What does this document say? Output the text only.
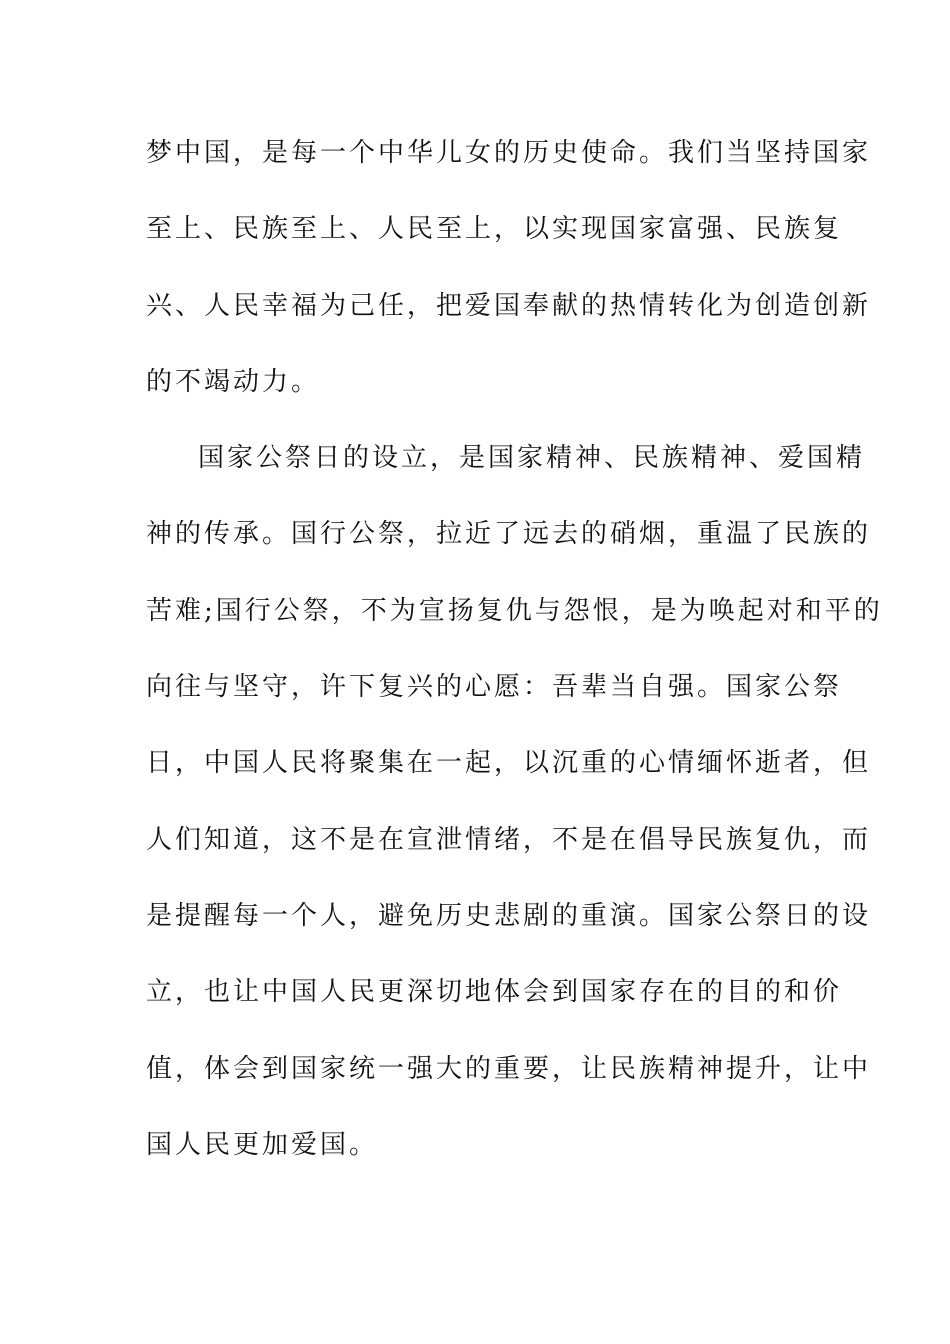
梦中国，是每一个中华儿女的历史使命。我们当坚持国家
至上、民族至上、人民至上，以实现国家富强、民族复
兴、人民幸福为己任，把爱国奉献的热情转化为创造创新
的不竭动力。
国家公祭日的设立，是国家精神、民族精神、爱国精
神的传承。国行公祭，拉近了远去的硝烟，重温了民族的
苦难;国行公祭，不为宣扬复仇与怨恨，是为唤起对和平的
向往与坚守，许下复兴的心愿：吾辈当自强。国家公祭
日，中国人民将聚集在一起，以沉重的心情缅怀逝者，但
人们知道，这不是在宣泄情绪，不是在倡导民族复仇，而
是提醒每一个人，避免历史悲剧的重演。国家公祭日的设
立，也让中国人民更深切地体会到国家存在的目的和价
值，体会到国家统一强大的重要，让民族精神提升，让中
国人民更加爱国。
